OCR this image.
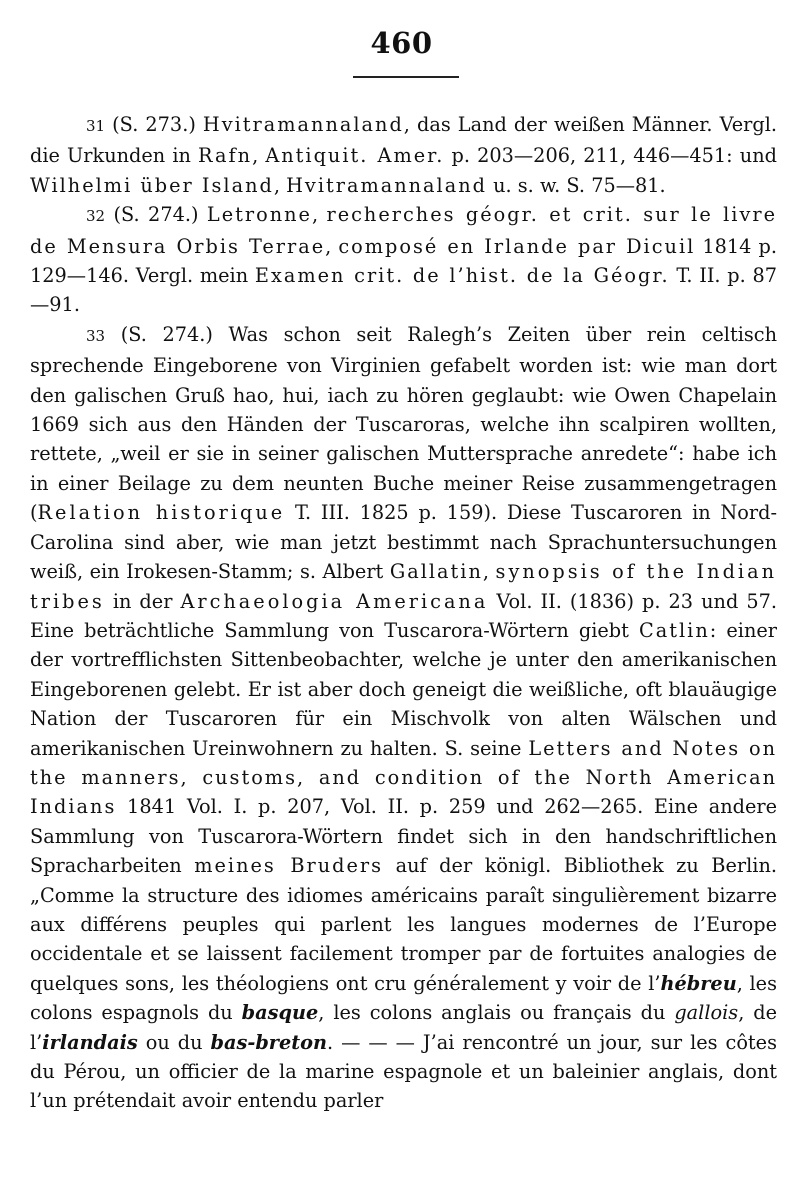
460

31 (S. 273.) Hvitramannaland, das Land der weißen Männer. Vergl. die Urkunden in Rafn, Antiquit. Amer. p. 203—206, 211, 446—451: und Wilhelmi über Island, Hvitramannaland u. s. w. S. 75—81.

32 (S. 274.) Letronne, recherches géogr. et crit. sur le livre de Mensura Orbis Terrae, composé en Irlande par Dicuil 1814 p. 129—146. Vergl. mein Examen crit. de l’hist. de la Géogr. T. II. p. 87—91.

33 (S. 274.) Was schon seit Ralegh’s Zeiten über rein celtisch sprechende Eingeborene von Virginien gefabelt worden ist: wie man dort den galischen Gruß hao, hui, iach zu hören geglaubt: wie Owen Chapelain 1669 sich aus den Händen der Tuscaroras, welche ihn scalpiren wollten, rettete, „weil er sie in seiner galischen Muttersprache anredete“: habe ich in einer Beilage zu dem neunten Buche meiner Reise zusammengetragen (Relation historique T. III. 1825 p. 159). Diese Tuscaroren in Nord-Carolina sind aber, wie man jetzt bestimmt nach Sprachuntersuchungen weiß, ein Irokesen-Stamm; s. Albert Gallatin, synopsis of the Indian tribes in der Archaeologia Americana Vol. II. (1836) p. 23 und 57. Eine beträchtliche Sammlung von Tuscarora-Wörtern giebt Catlin: einer der vortrefflichsten Sittenbeobachter, welche je unter den amerikanischen Eingeborenen gelebt. Er ist aber doch geneigt die weißliche, oft blauäugige Nation der Tuscaroren für ein Mischvolk von alten Wälschen und amerikanischen Ureinwohnern zu halten. S. seine Letters and Notes on the manners, customs, and condition of the North American Indians 1841 Vol. I. p. 207, Vol. II. p. 259 und 262—265. Eine andere Sammlung von Tuscarora-Wörtern findet sich in den handschriftlichen Spracharbeiten meines Bruders auf der königl. Bibliothek zu Berlin. „Comme la structure des idiomes américains paraît singulièrement bizarre aux différens peuples qui parlent les langues modernes de l’Europe occidentale et se laissent facilement tromper par de fortuites analogies de quelques sons, les théologiens ont cru généralement y voir de l’hébreu, les colons espagnols du basque, les colons anglais ou français du gallois, de l’irlandais ou du bas-breton. — — — J’ai rencontré un jour, sur les côtes du Pérou, un officier de la marine espagnole et un baleinier anglais, dont l’un prétendait avoir entendu parler
